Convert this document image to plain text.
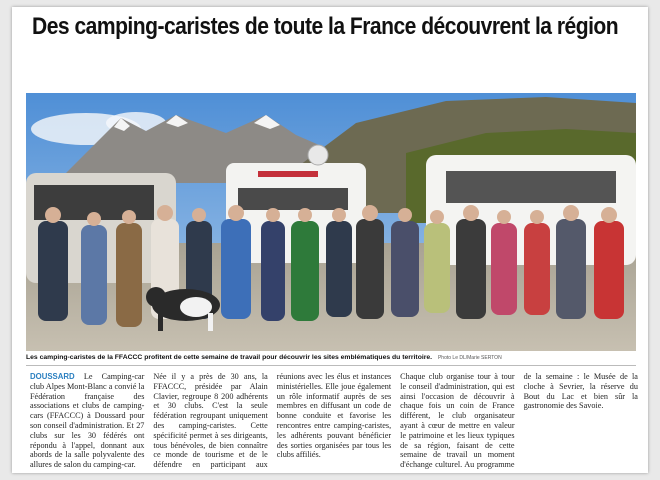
Des camping-caristes de toute la France découvrent la région
Les camping-caristes de la FFACCC profitent de cette semaine de travail pour découvrir les sites emblématiques du territoire. Photo Le DL/Marie SERTON

DOUSSARD Le Camping-car club Alpes Mont-Blanc a convié la Fédération française des associations et clubs de camping-cars (FFACCC) à Doussard pour son conseil d'administration. Et 27 clubs sur les 30 fédérés ont répondu à l'appel, donnant aux abords de la salle polyvalente des allures de salon du camping-car.

Née il y a près de 30 ans, la FFACCC, présidée par Alain Clavier, regroupe 8 200 adhérents et 30 clubs. C'est la seule fédération regroupant uniquement des camping-caristes. Cette spécificité permet à ses dirigeants, tous bénévoles, de bien connaître ce monde de tourisme et de le défendre en participant aux réunions avec les élus et instances ministérielles. Elle joue également un rôle informatif auprès de ses membres en diffusant un code de bonne conduite et favorise les rencontres entre camping-caristes, les adhérents pouvant bénéficier des sorties organisées par tous les clubs affiliés.

Chaque club organise tour à tour le conseil d'administration, qui est ainsi l'occasion de découvrir à chaque fois un coin de France différent, le club organisateur ayant à cœur de mettre en valeur le patrimoine et les lieux typiques de sa région, faisant de cette semaine de travail un moment d'échange culturel. Au programme de la semaine : le Musée de la cloche à Sevrier, la réserve du Bout du Lac et bien sûr la gastronomie des Savoie.
